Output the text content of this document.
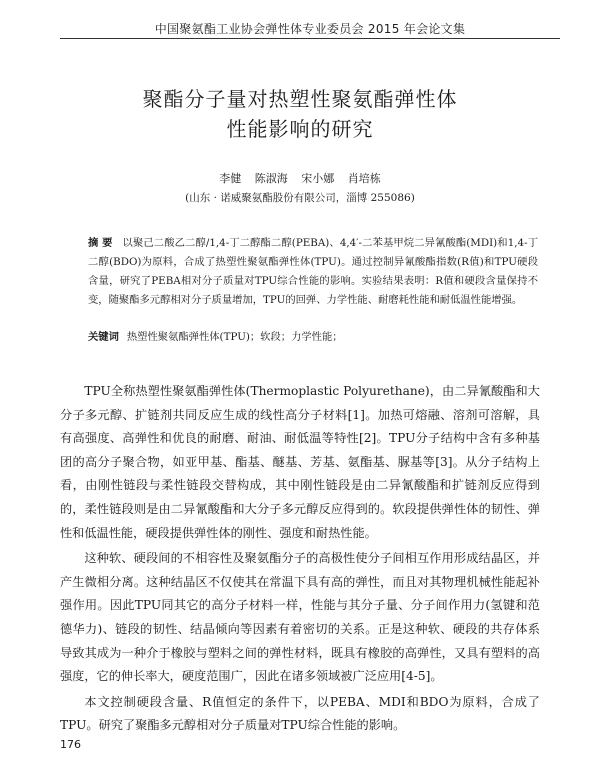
中国聚氨酯工业协会弹性体专业委员会 2015 年会论文集
聚酯分子量对热塑性聚氨酯弹性体
性能影响的研究
李健 陈淑海 宋小娜 肖培栋
(山东 · 诺威聚氨酯股份有限公司，淄博 255086)
摘 要 以聚己二酸乙二醇/1,4-丁二醇酯二醇(PEBA)、4,4′-二苯基甲烷二异氰酸酯(MDI)和1,4-丁二醇(BDO)为原料，合成了热塑性聚氨酯弹性体(TPU)。通过控制异氰酸酯指数(R值)和TPU硬段含量，研究了PEBA相对分子质量对TPU综合性能的影响。实验结果表明：R值和硬段含量保持不变，随聚酯多元醇相对分子质量增加，TPU的回弹、力学性能、耐磨耗性能和耐低温性能增强。
关键词 热塑性聚氨酯弹性体(TPU)；软段；力学性能；

TPU全称热塑性聚氨酯弹性体(Thermoplastic Polyurethane)，由二异氰酸酯和大分子多元醇、扩链剂共同反应生成的线性高分子材料[1]。加热可熔融、溶剂可溶解，具有高强度、高弹性和优良的耐磨、耐油、耐低温等特性[2]。TPU分子结构中含有多种基团的高分子聚合物，如亚甲基、酯基、醚基、芳基、氨酯基、脲基等[3]。从分子结构上看，由刚性链段与柔性链段交替构成，其中刚性链段是由二异氰酸酯和扩链剂反应得到的，柔性链段则是由二异氰酸酯和大分子多元醇反应得到的。软段提供弹性体的韧性、弹性和低温性能，硬段提供弹性体的刚性、强度和耐热性能。

这种软、硬段间的不相容性及聚氨酯分子的高极性使分子间相互作用形成结晶区，并产生微相分离。这种结晶区不仅使其在常温下具有高的弹性，而且对其物理机械性能起补强作用。因此TPU同其它的高分子材料一样，性能与其分子量、分子间作用力(氢键和范德华力)、链段的韧性、结晶倾向等因素有着密切的关系。正是这种软、硬段的共存体系导致其成为一种介于橡胶与塑料之间的弹性材料，既具有橡胶的高弹性，又具有塑料的高强度，它的伸长率大，硬度范围广，因此在诸多领域被广泛应用[4-5]。

本文控制硬段含量、R值恒定的条件下，以PEBA、MDI和BDO为原料，合成了TPU。研究了聚酯多元醇相对分子质量对TPU综合性能的影响。

176
